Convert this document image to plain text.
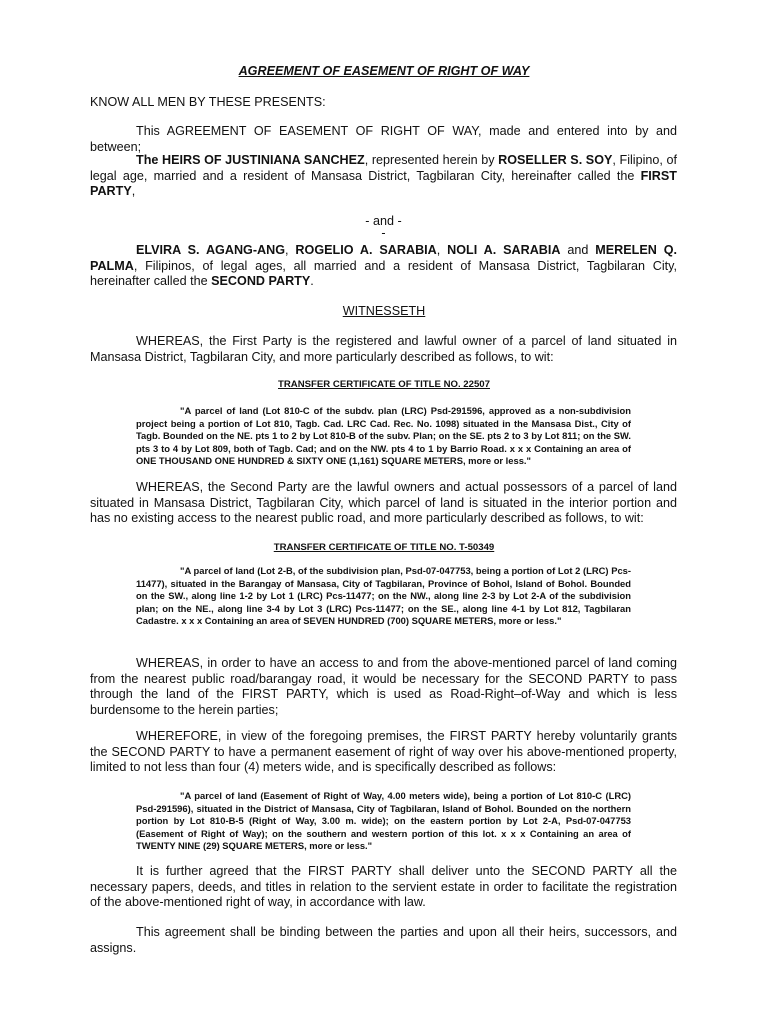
AGREEMENT OF EASEMENT OF RIGHT OF WAY

KNOW ALL MEN BY THESE PRESENTS:

This AGREEMENT OF EASEMENT OF RIGHT OF WAY, made and entered into by and between;

The HEIRS OF JUSTINIANA SANCHEZ, represented herein by ROSELLER S. SOY, Filipino, of legal age, married and a resident of Mansasa District, Tagbilaran City, hereinafter called the FIRST PARTY,

- and -

-

ELVIRA S. AGANG-ANG, ROGELIO A. SARABIA, NOLI A. SARABIA and MERELEN Q. PALMA, Filipinos, of legal ages, all married and a resident of Mansasa District, Tagbilaran City, hereinafter called the SECOND PARTY.

WITNESSETH

WHEREAS, the First Party is the registered and lawful owner of a parcel of land situated in Mansasa District, Tagbilaran City, and more particularly described as follows, to wit:

TRANSFER CERTIFICATE OF TITLE NO. 22507

"A parcel of land (Lot 810-C of the subdv. plan (LRC) Psd-291596, approved as a non-subdivision project being a portion of Lot 810, Tagb. Cad. LRC Cad. Rec. No. 1098) situated in the Mansasa Dist., City of Tagb. Bounded on the NE. pts 1 to 2 by Lot 810-B of the subv. Plan; on the SE. pts 2 to 3 by Lot 811; on the SW. pts 3 to 4 by Lot 809, both of Tagb. Cad; and on the NW. pts 4 to 1 by Barrio Road. x x x Containing an area of ONE THOUSAND ONE HUNDRED & SIXTY ONE (1,161) SQUARE METERS, more or less."

WHEREAS, the Second Party are the lawful owners and actual possessors of a parcel of land situated in Mansasa District, Tagbilaran City, which parcel of land is situated in the interior portion and has no existing access to the nearest public road, and more particularly described as follows, to wit:

TRANSFER CERTIFICATE OF TITLE NO. T-50349

"A parcel of land (Lot 2-B, of the subdivision plan, Psd-07-047753, being a portion of Lot 2 (LRC) Pcs-11477), situated in the Barangay of Mansasa, City of Tagbilaran, Province of Bohol, Island of Bohol. Bounded on the SW., along line 1-2 by Lot 1 (LRC) Pcs-11477; on the NW., along line 2-3 by Lot 2-A of the subdivision plan; on the NE., along line 3-4 by Lot 3 (LRC) Pcs-11477; on the SE., along line 4-1 by Lot 812, Tagbilaran Cadastre. x x x Containing an area of SEVEN HUNDRED (700) SQUARE METERS, more or less."

WHEREAS, in order to have an access to and from the above-mentioned parcel of land coming from the nearest public road/barangay road, it would be necessary for the SECOND PARTY to pass through the land of the FIRST PARTY, which is used as Road-Right–of-Way and which is less burdensome to the herein parties;

WHEREFORE, in view of the foregoing premises, the FIRST PARTY hereby voluntarily grants the SECOND PARTY to have a permanent easement of right of way over his above-mentioned property, limited to not less than four (4) meters wide, and is specifically described as follows:

"A parcel of land (Easement of Right of Way, 4.00 meters wide), being a portion of Lot 810-C (LRC) Psd-291596), situated in the District of Mansasa, City of Tagbilaran, Island of Bohol. Bounded on the northern portion by Lot 810-B-5 (Right of Way, 3.00 m. wide); on the eastern portion by Lot 2-A, Psd-07-047753 (Easement of Right of Way); on the southern and western portion of this lot. x x x Containing an area of TWENTY NINE (29) SQUARE METERS, more or less."

It is further agreed that the FIRST PARTY shall deliver unto the SECOND PARTY all the necessary papers, deeds, and titles in relation to the servient estate in order to facilitate the registration of the above-mentioned right of way, in accordance with law.

This agreement shall be binding between the parties and upon all their heirs, successors, and assigns.
